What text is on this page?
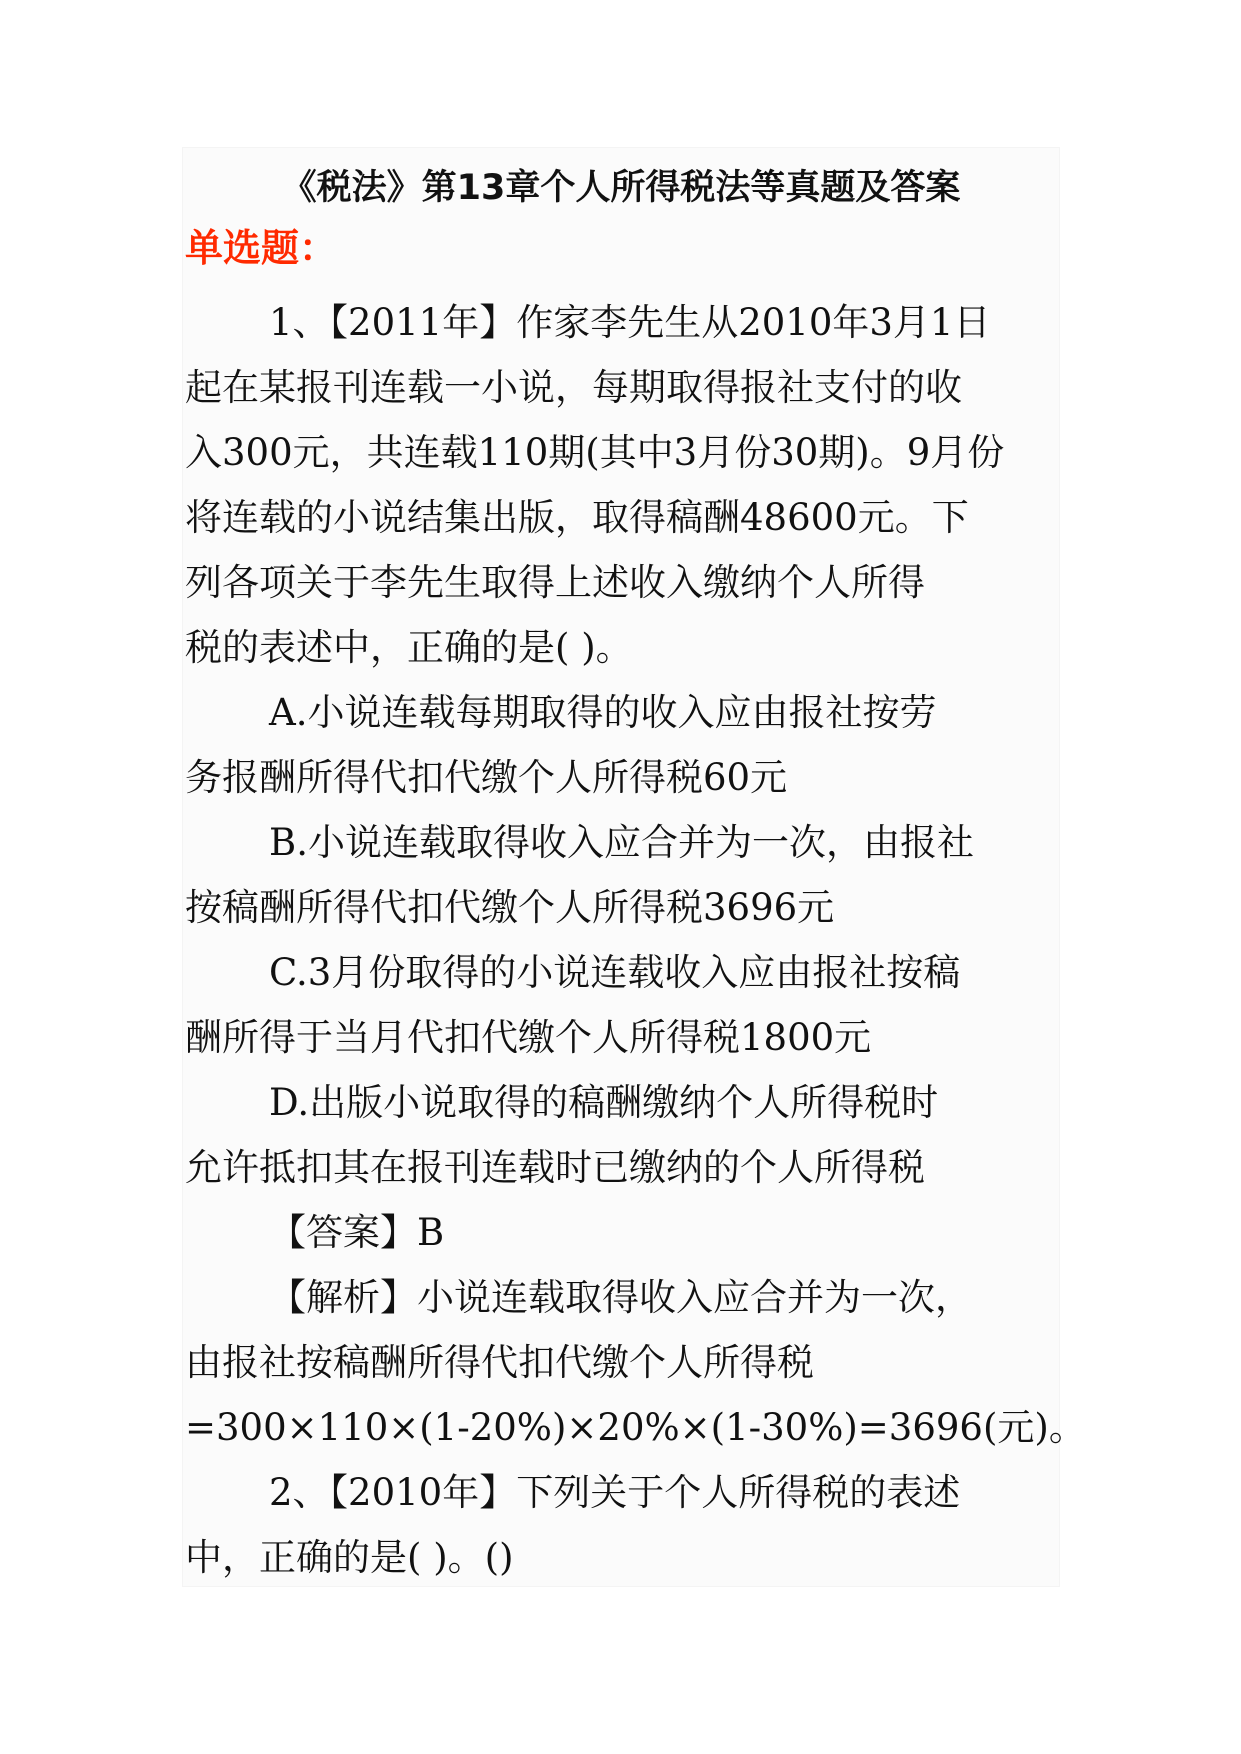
《税法》第13章个人所得税法等真题及答案
单选题：
1、【2011年】作家李先生从2010年3月1日
起在某报刊连载一小说，每期取得报社支付的收
入300元，共连载110期(其中3月份30期)。9月份
将连载的小说结集出版，取得稿酬48600元。下
列各项关于李先生取得上述收入缴纳个人所得
税的表述中，正确的是( )。
A.小说连载每期取得的收入应由报社按劳
务报酬所得代扣代缴个人所得税60元
B.小说连载取得收入应合并为一次，由报社
按稿酬所得代扣代缴个人所得税3696元
C.3月份取得的小说连载收入应由报社按稿
酬所得于当月代扣代缴个人所得税1800元
D.出版小说取得的稿酬缴纳个人所得税时
允许抵扣其在报刊连载时已缴纳的个人所得税
【答案】B
【解析】小说连载取得收入应合并为一次，
由报社按稿酬所得代扣代缴个人所得税
=300×110×(1-20%)×20%×(1-30%)=3696(元)。
2、【2010年】下列关于个人所得税的表述
中，正确的是( )。()
